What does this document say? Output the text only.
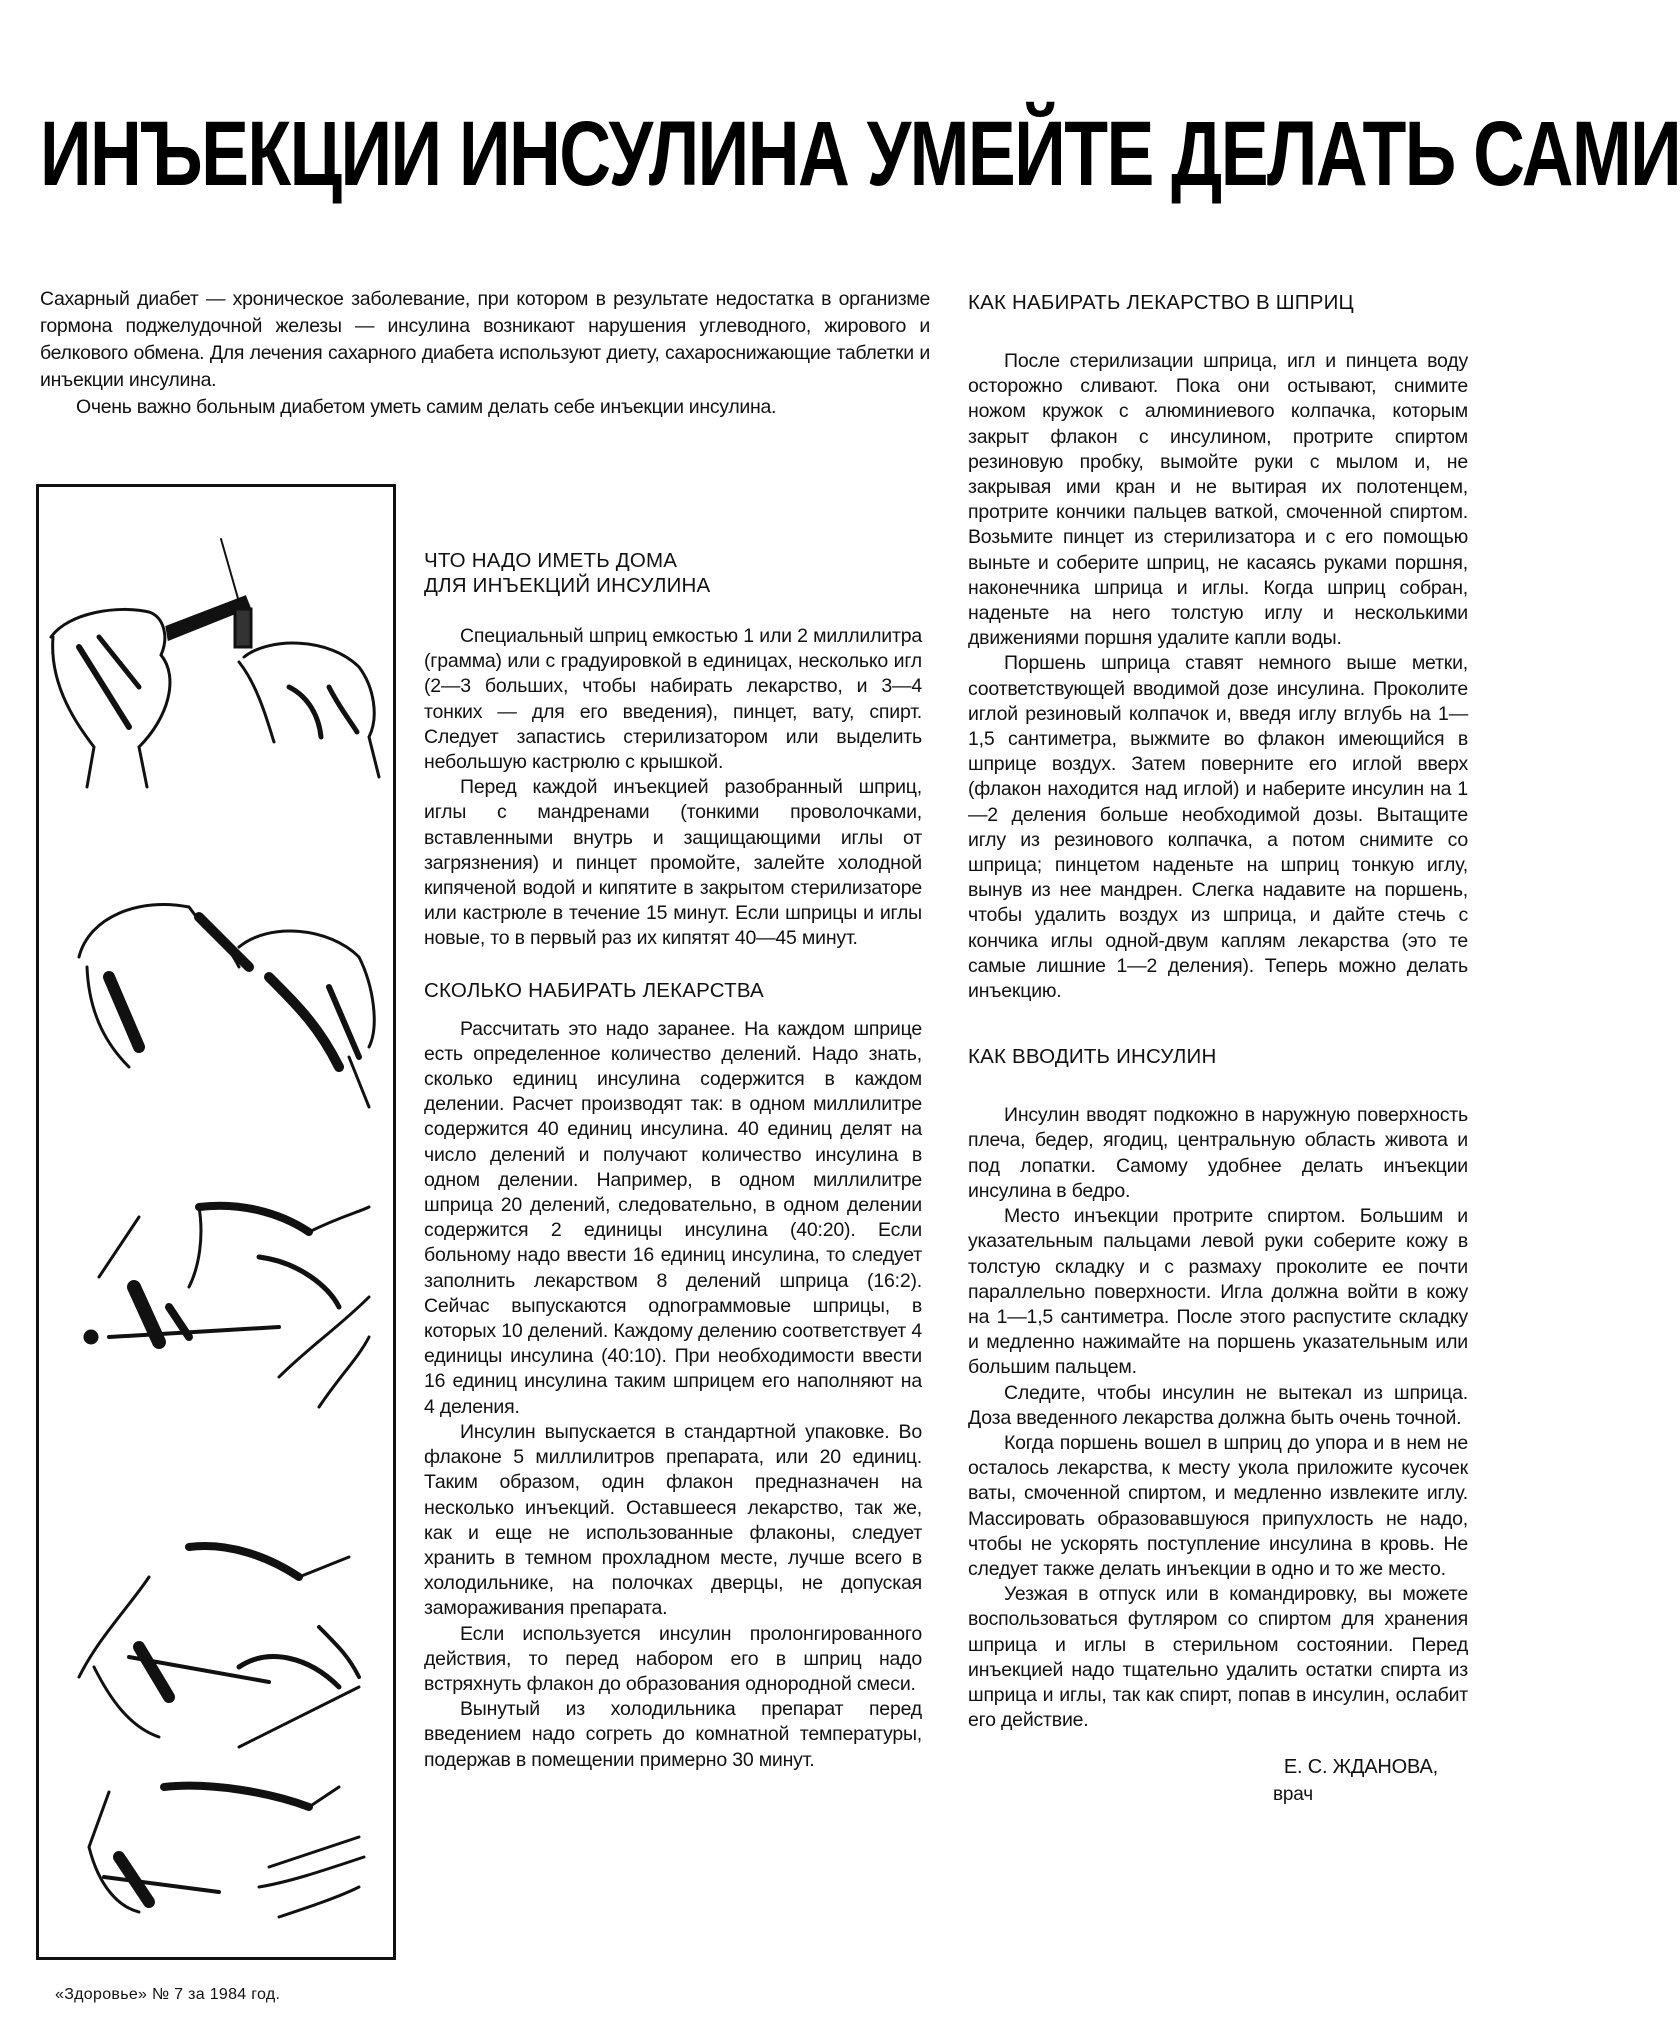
ИНЪЕКЦИИ ИНСУЛИНА УМЕЙТЕ ДЕЛАТЬ САМИ

Сахарный диабет — хроническое заболевание, при котором в результате недостатка в организме гормона поджелудочной железы — инсулина возникают нарушения углеводного, жирового и белкового обмена. Для лечения сахарного диабета используют диету, сахароснижающие таблетки и инъекции инсулина.

Очень важно больным диабетом уметь самим делать себе инъекции инсулина.

ЧТО НАДО ИМЕТЬ ДОМА
ДЛЯ ИНЪЕКЦИЙ ИНСУЛИНА

Специальный шприц емкостью 1 или 2 миллилитра (грамма) или с градуировкой в единицах, несколько игл (2—3 больших, чтобы набирать лекарство, и 3—4 тонких — для его введения), пинцет, вату, спирт. Следует запастись стерилизатором или выделить небольшую кастрюлю с крышкой.

Перед каждой инъекцией разобранный шприц, иглы с мандренами (тонкими проволочками, вставленными внутрь и защищающими иглы от загрязнения) и пинцет промойте, залейте холодной кипяченой водой и кипятите в закрытом стерилизаторе или кастрюле в течение 15 минут. Если шприцы и иглы новые, то в первый раз их кипятят 40—45 минут.

СКОЛЬКО НАБИРАТЬ ЛЕКАРСТВА

Рассчитать это надо заранее. На каждом шприце есть определенное количество делений. Надо знать, сколько единиц инсулина содержится в каждом делении. Расчет производят так: в одном миллилитре содержится 40 единиц инсулина. 40 единиц делят на число делений и получают количество инсулина в одном делении. Например, в одном миллилитре шприца 20 делений, следовательно, в одном делении содержится 2 единицы инсулина (40:20). Если больному надо ввести 16 единиц инсулина, то следует заполнить лекарством 8 делений шприца (16:2). Сейчас выпускаются одnограммовые шприцы, в которых 10 делений. Каждому делению соответствует 4 единицы инсулина (40:10). При необходимости ввести 16 единиц инсулина таким шприцем его наполняют на 4 деления.

Инсулин выпускается в стандартной упаковке. Во флаконе 5 миллилитров препарата, или 20 единиц. Таким образом, один флакон предназначен на несколько инъекций. Оставшееся лекарство, так же, как и еще не использованные флаконы, следует хранить в темном прохладном месте, лучше всего в холодильнике, на полочках дверцы, не допуская замораживания препарата.

Если используется инсулин пролонгированного действия, то перед набором его в шприц надо встряхнуть флакон до образования однородной смеси.

Вынутый из холодильника препарат перед введением надо согреть до комнатной температуры, подержав в помещении примерно 30 минут.

КАК НАБИРАТЬ ЛЕКАРСТВО В ШПРИЦ

После стерилизации шприца, игл и пинцета воду осторожно сливают. Пока они остывают, снимите ножом кружок с алюминиевого колпачка, которым закрыт флакон с инсулином, протрите спиртом резиновую пробку, вымойте руки с мылом и, не закрывая ими кран и не вытирая их полотенцем, протрите кончики пальцев ваткой, смоченной спиртом. Возьмите пинцет из стерилизатора и с его помощью выньте и соберите шприц, не касаясь руками поршня, наконечника шприца и иглы. Когда шприц собран, наденьте на него толстую иглу и несколькими движениями поршня удалите капли воды.

Поршень шприца ставят немного выше метки, соответствующей вводимой дозе инсулина. Проколите иглой резиновый колпачок и, введя иглу вглубь на 1—1,5 сантиметра, выжмите во флакон имеющийся в шприце воздух. Затем поверните его иглой вверх (флакон находится над иглой) и наберите инсулин на 1—2 деления больше необходимой дозы. Вытащите иглу из резинового колпачка, а потом снимите со шприца; пинцетом наденьте на шприц тонкую иглу, вынув из нее мандрен. Слегка надавите на поршень, чтобы удалить воздух из шприца, и дайте стечь с кончика иглы одной-двум каплям лекарства (это те самые лишние 1—2 деления). Теперь можно делать инъекцию.

КАК ВВОДИТЬ ИНСУЛИН

Инсулин вводят подкожно в наружную поверхность плеча, бедер, ягодиц, центральную область живота и под лопатки. Самому удобнее делать инъекции инсулина в бедро.

Место инъекции протрите спиртом. Большим и указательным пальцами левой руки соберите кожу в толстую складку и с размаху проколите ее почти параллельно поверхности. Игла должна войти в кожу на 1—1,5 сантиметра. После этого распустите складку и медленно нажимайте на поршень указательным или большим пальцем.

Следите, чтобы инсулин не вытекал из шприца. Доза введенного лекарства должна быть очень точной.

Когда поршень вошел в шприц до упора и в нем не осталось лекарства, к месту укола приложите кусочек ваты, смоченной спиртом, и медленно извлеките иглу. Массировать образовавшуюся припухлость не надо, чтобы не ускорять поступление инсулина в кровь. Не следует также делать инъекции в одно и то же место.

Уезжая в отпуск или в командировку, вы можете воспользоваться футляром со спиртом для хранения шприца и иглы в стерильном состоянии. Перед инъекцией надо тщательно удалить остатки спирта из шприца и иглы, так как спирт, попав в инсулин, ослабит его действие.

Е. С. ЖДАНОВА,
врач
«Здоровье» № 7 за 1984 год.
